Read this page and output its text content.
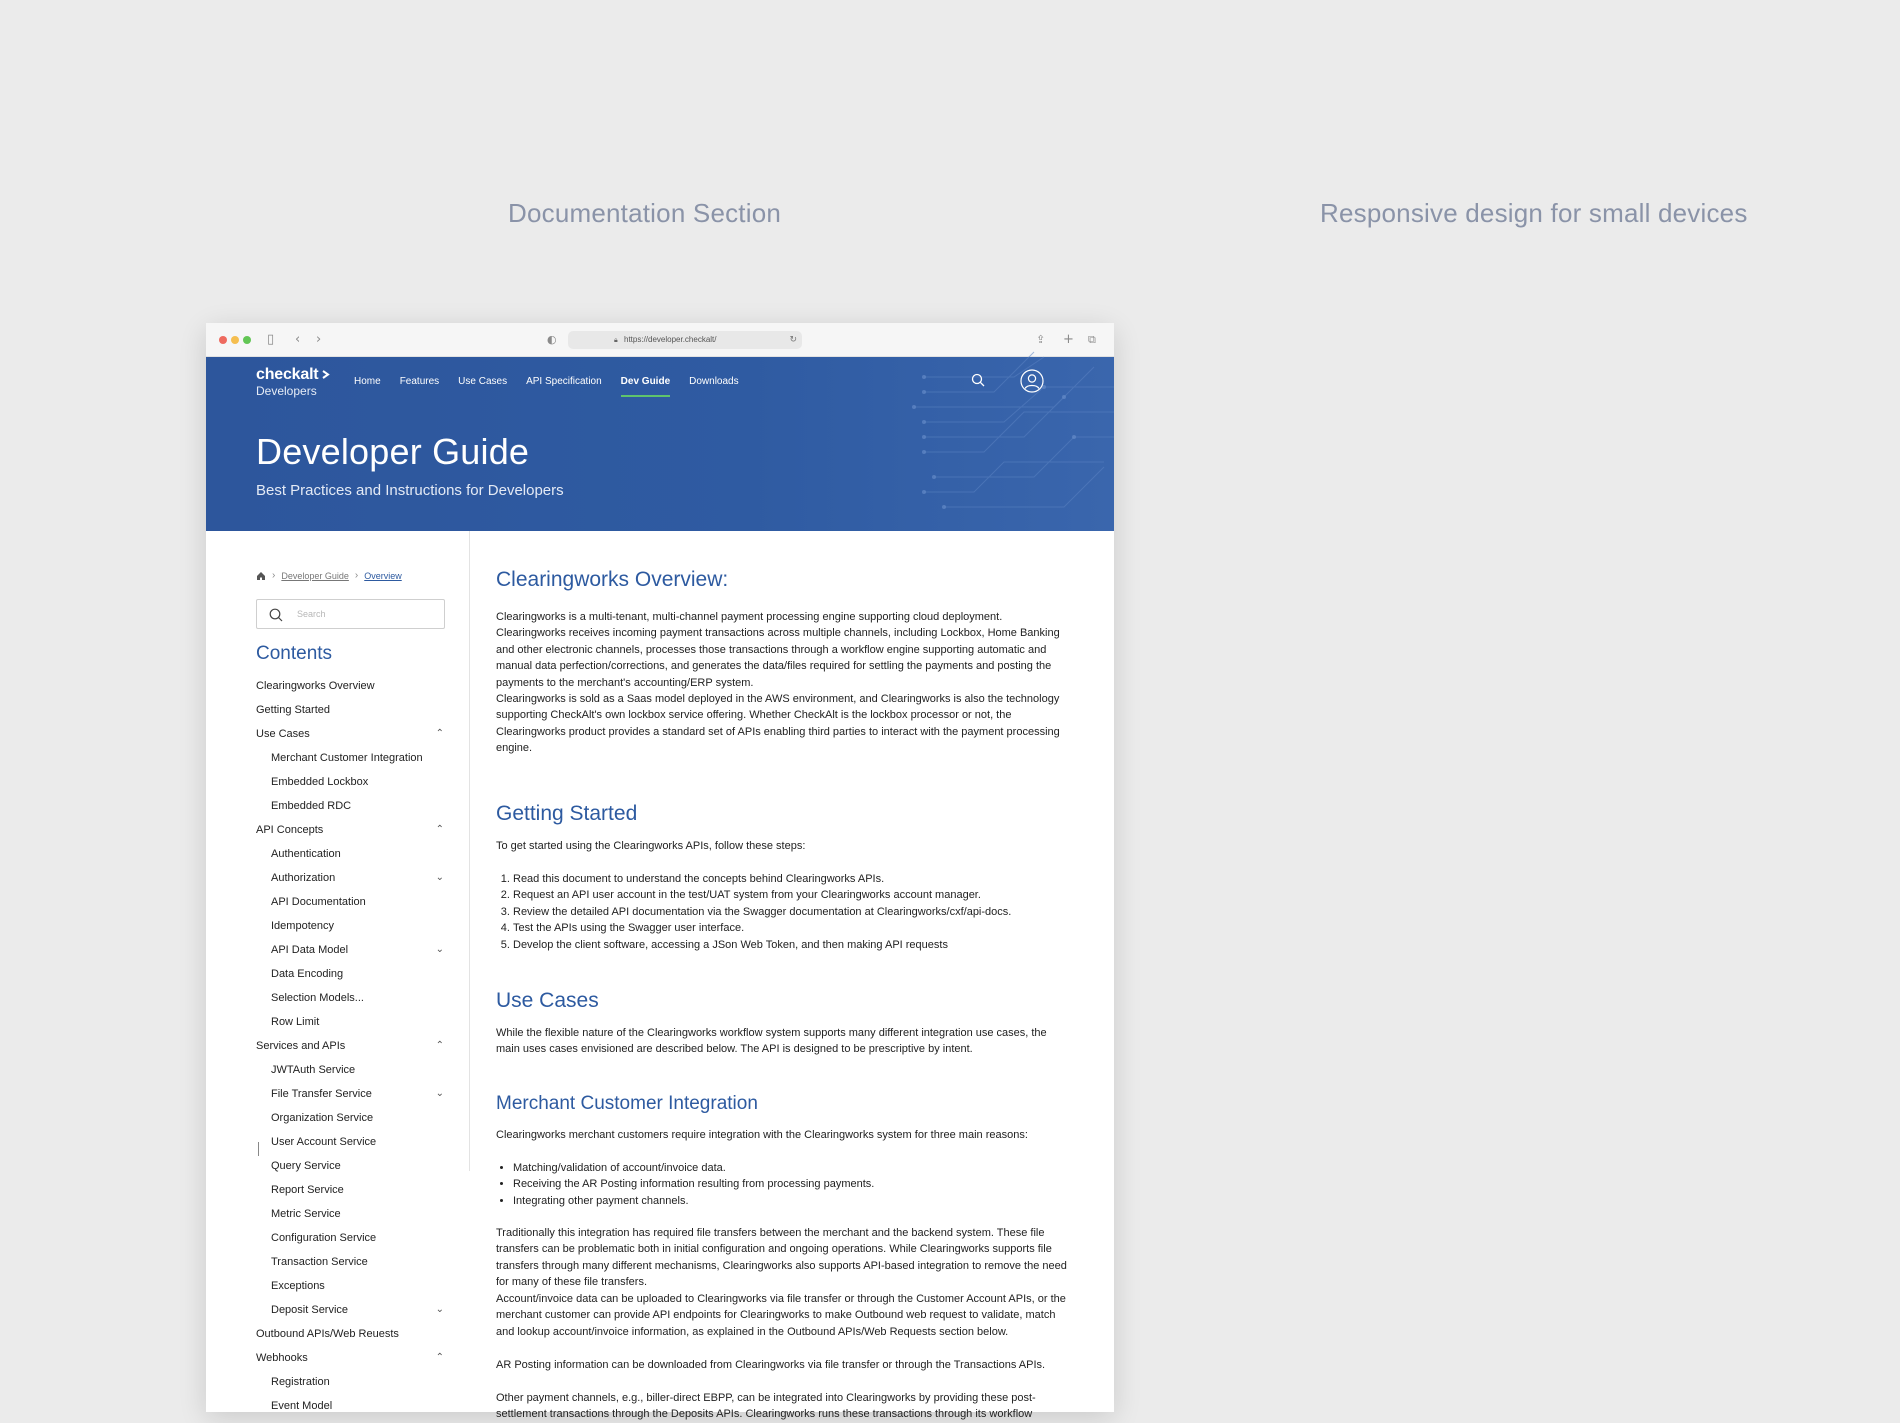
Documentation Section	Responsive design for small devices
▯ ‹ ›	◐	🔒︎ https://developer.checkalt/	↻	⇪ + ⧉
checkalt
Developers
Home Features Use Cases API Specification Dev Guide Downloads
Developer Guide
Best Practices and Instructions for Developers
› Developer Guide › Overview
Search
Contents
Clearingworks Overview
Getting Started
Use Cases	⌃
Merchant Customer Integration
Embedded Lockbox
Embedded RDC
API Concepts	⌃
Authentication
Authorization	⌄
API Documentation
Idempotency
API Data Model	⌄
Data Encoding
Selection Models...
Row Limit
Services and APIs	⌃
JWTAuth Service
File Transfer Service	⌄
Organization Service
User Account Service
Query Service
Report Service
Metric Service
Configuration Service
Transaction Service
Exceptions
Deposit Service	⌄
Outbound APIs/Web Reuests
Webhooks	⌃
Registration
Event Model
Clearingworks Overview:

Clearingworks is a multi-tenant, multi-channel payment processing engine supporting cloud deployment. Clearingworks receives incoming payment transactions across multiple channels, including Lockbox, Home Banking and other electronic channels, processes those transactions through a workflow engine supporting automatic and manual data perfection/corrections, and generates the data/files required for settling the payments and posting the payments to the merchant's accounting/ERP system.

Clearingworks is sold as a Saas model deployed in the AWS environment, and Clearingworks is also the technology supporting CheckAlt's own lockbox service offering. Whether CheckAlt is the lockbox processor or not, the Clearingworks product provides a standard set of APIs enabling third parties to interact with the payment processing engine.

Getting Started

To get started using the Clearingworks APIs, follow these steps:

1. Read this document to understand the concepts behind Clearingworks APIs.
2. Request an API user account in the test/UAT system from your Clearingworks account manager.
3. Review the detailed API documentation via the Swagger documentation at Clearingworks/cxf/api-docs.
4. Test the APIs using the Swagger user interface.
5. Develop the client software, accessing a JSon Web Token, and then making API requests
Use Cases

While the flexible nature of the Clearingworks workflow system supports many different integration use cases, the main uses cases envisioned are described below. The API is designed to be prescriptive by intent.

Merchant Customer Integration

Clearingworks merchant customers require integration with the Clearingworks system for three main reasons:

• Matching/validation of account/invoice data.
• Receiving the AR Posting information resulting from processing payments.
• Integrating other payment channels.

Traditionally this integration has required file transfers between the merchant and the backend system. These file transfers can be problematic both in initial configuration and ongoing operations. While Clearingworks supports file transfers through many different mechanisms, Clearingworks also supports API-based integration to remove the need for many of these file transfers.

Account/invoice data can be uploaded to Clearingworks via file transfer or through the Customer Account APIs, or the merchant customer can provide API endpoints for Clearingworks to make Outbound web request to validate, match and lookup account/invoice information, as explained in the Outbound APIs/Web Requests section below.

AR Posting information can be downloaded from Clearingworks via file transfer or through the Transactions APIs.

Other payment channels, e.g., biller-direct EBPP, can be integrated into Clearingworks by providing these post-settlement transactions through the Deposits APIs. Clearingworks runs these transactions through its workflow
